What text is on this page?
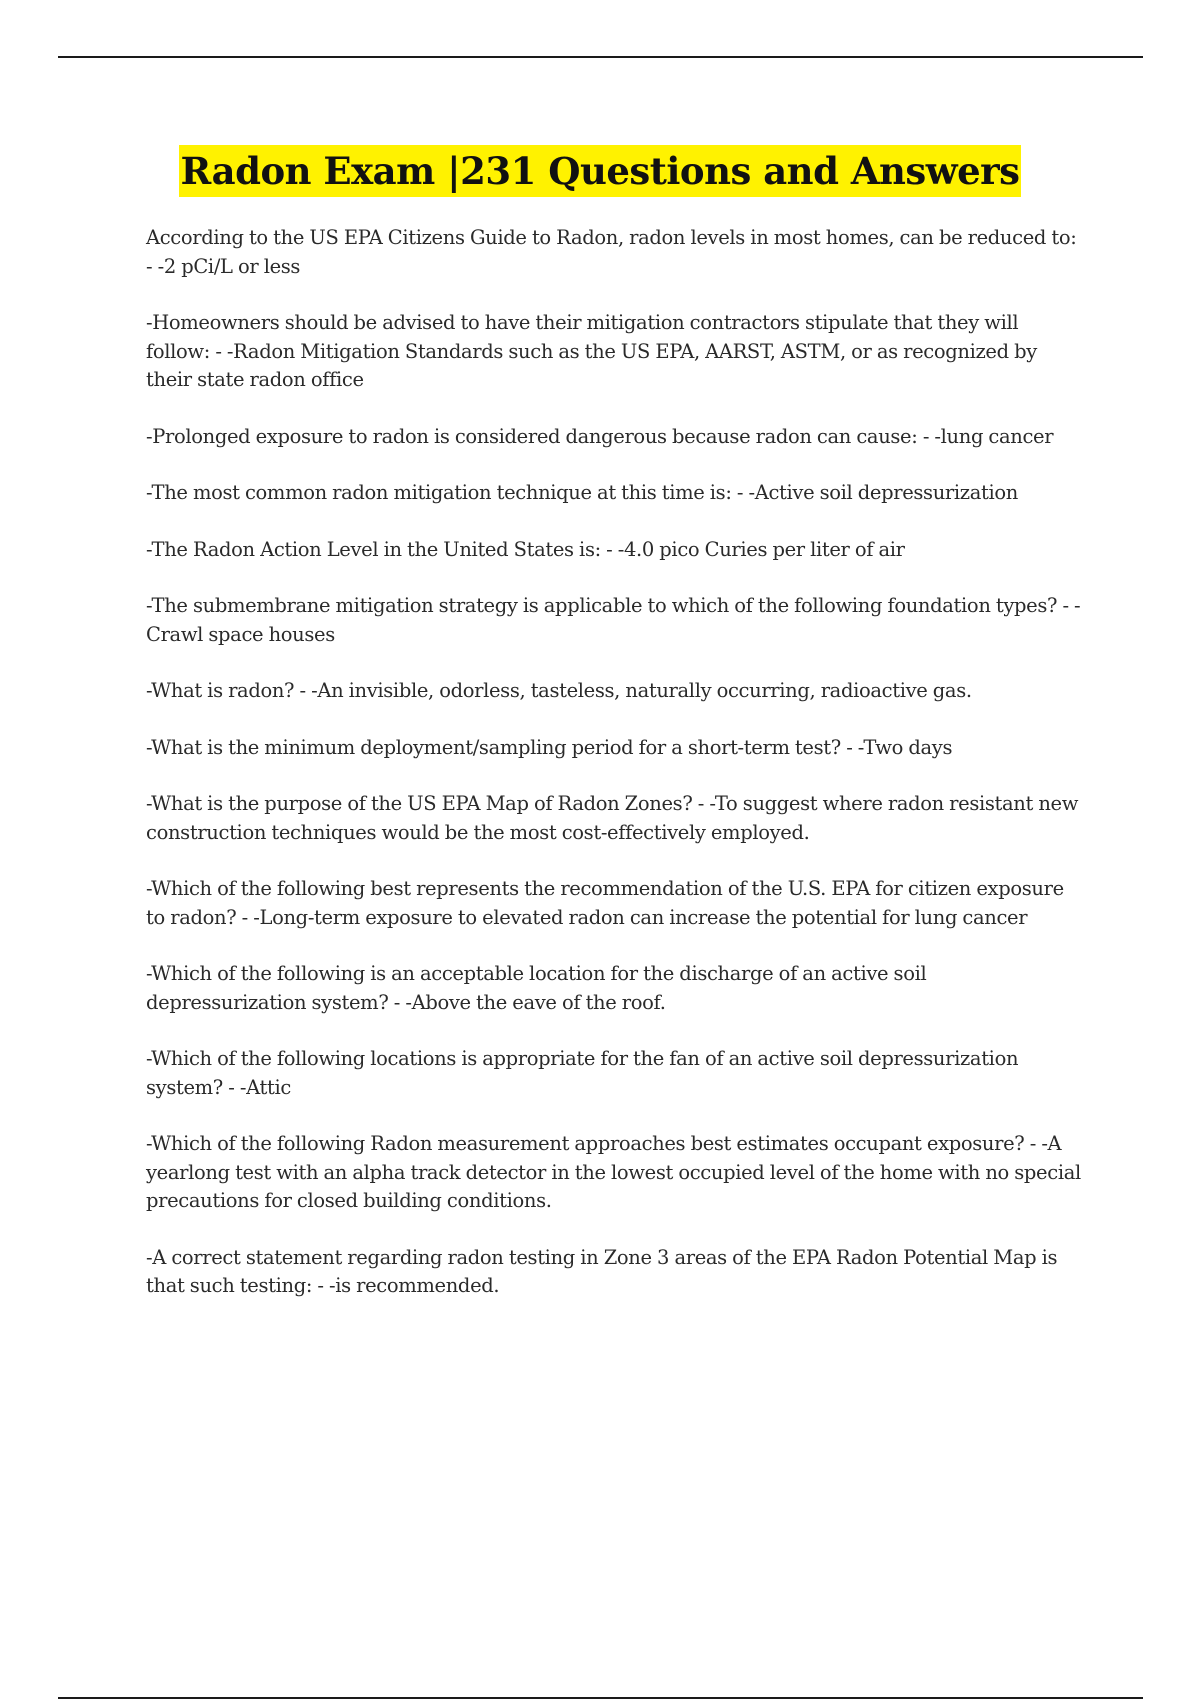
Radon Exam |231 Questions and Answers

According to the US EPA Citizens Guide to Radon, radon levels in most homes, can be reduced to: - -2 pCi/L or less

-Homeowners should be advised to have their mitigation contractors stipulate that they will follow: - -Radon Mitigation Standards such as the US EPA, AARST, ASTM, or as recognized by their state radon office

-Prolonged exposure to radon is considered dangerous because radon can cause: - -lung cancer

-The most common radon mitigation technique at this time is: - -Active soil depressurization

-The Radon Action Level in the United States is: - -4.0 pico Curies per liter of air

-The submembrane mitigation strategy is applicable to which of the following foundation types? - -Crawl space houses

-What is radon? - -An invisible, odorless, tasteless, naturally occurring, radioactive gas.

-What is the minimum deployment/sampling period for a short-term test? - -Two days

-What is the purpose of the US EPA Map of Radon Zones? - -To suggest where radon resistant new construction techniques would be the most cost-effectively employed.

-Which of the following best represents the recommendation of the U.S. EPA for citizen exposure to radon? - -Long-term exposure to elevated radon can increase the potential for lung cancer

-Which of the following is an acceptable location for the discharge of an active soil depressurization system? - -Above the eave of the roof.

-Which of the following locations is appropriate for the fan of an active soil depressurization system? - -Attic

-Which of the following Radon measurement approaches best estimates occupant exposure? - -A yearlong test with an alpha track detector in the lowest occupied level of the home with no special precautions for closed building conditions.

-A correct statement regarding radon testing in Zone 3 areas of the EPA Radon Potential Map is that such testing: - -is recommended.
